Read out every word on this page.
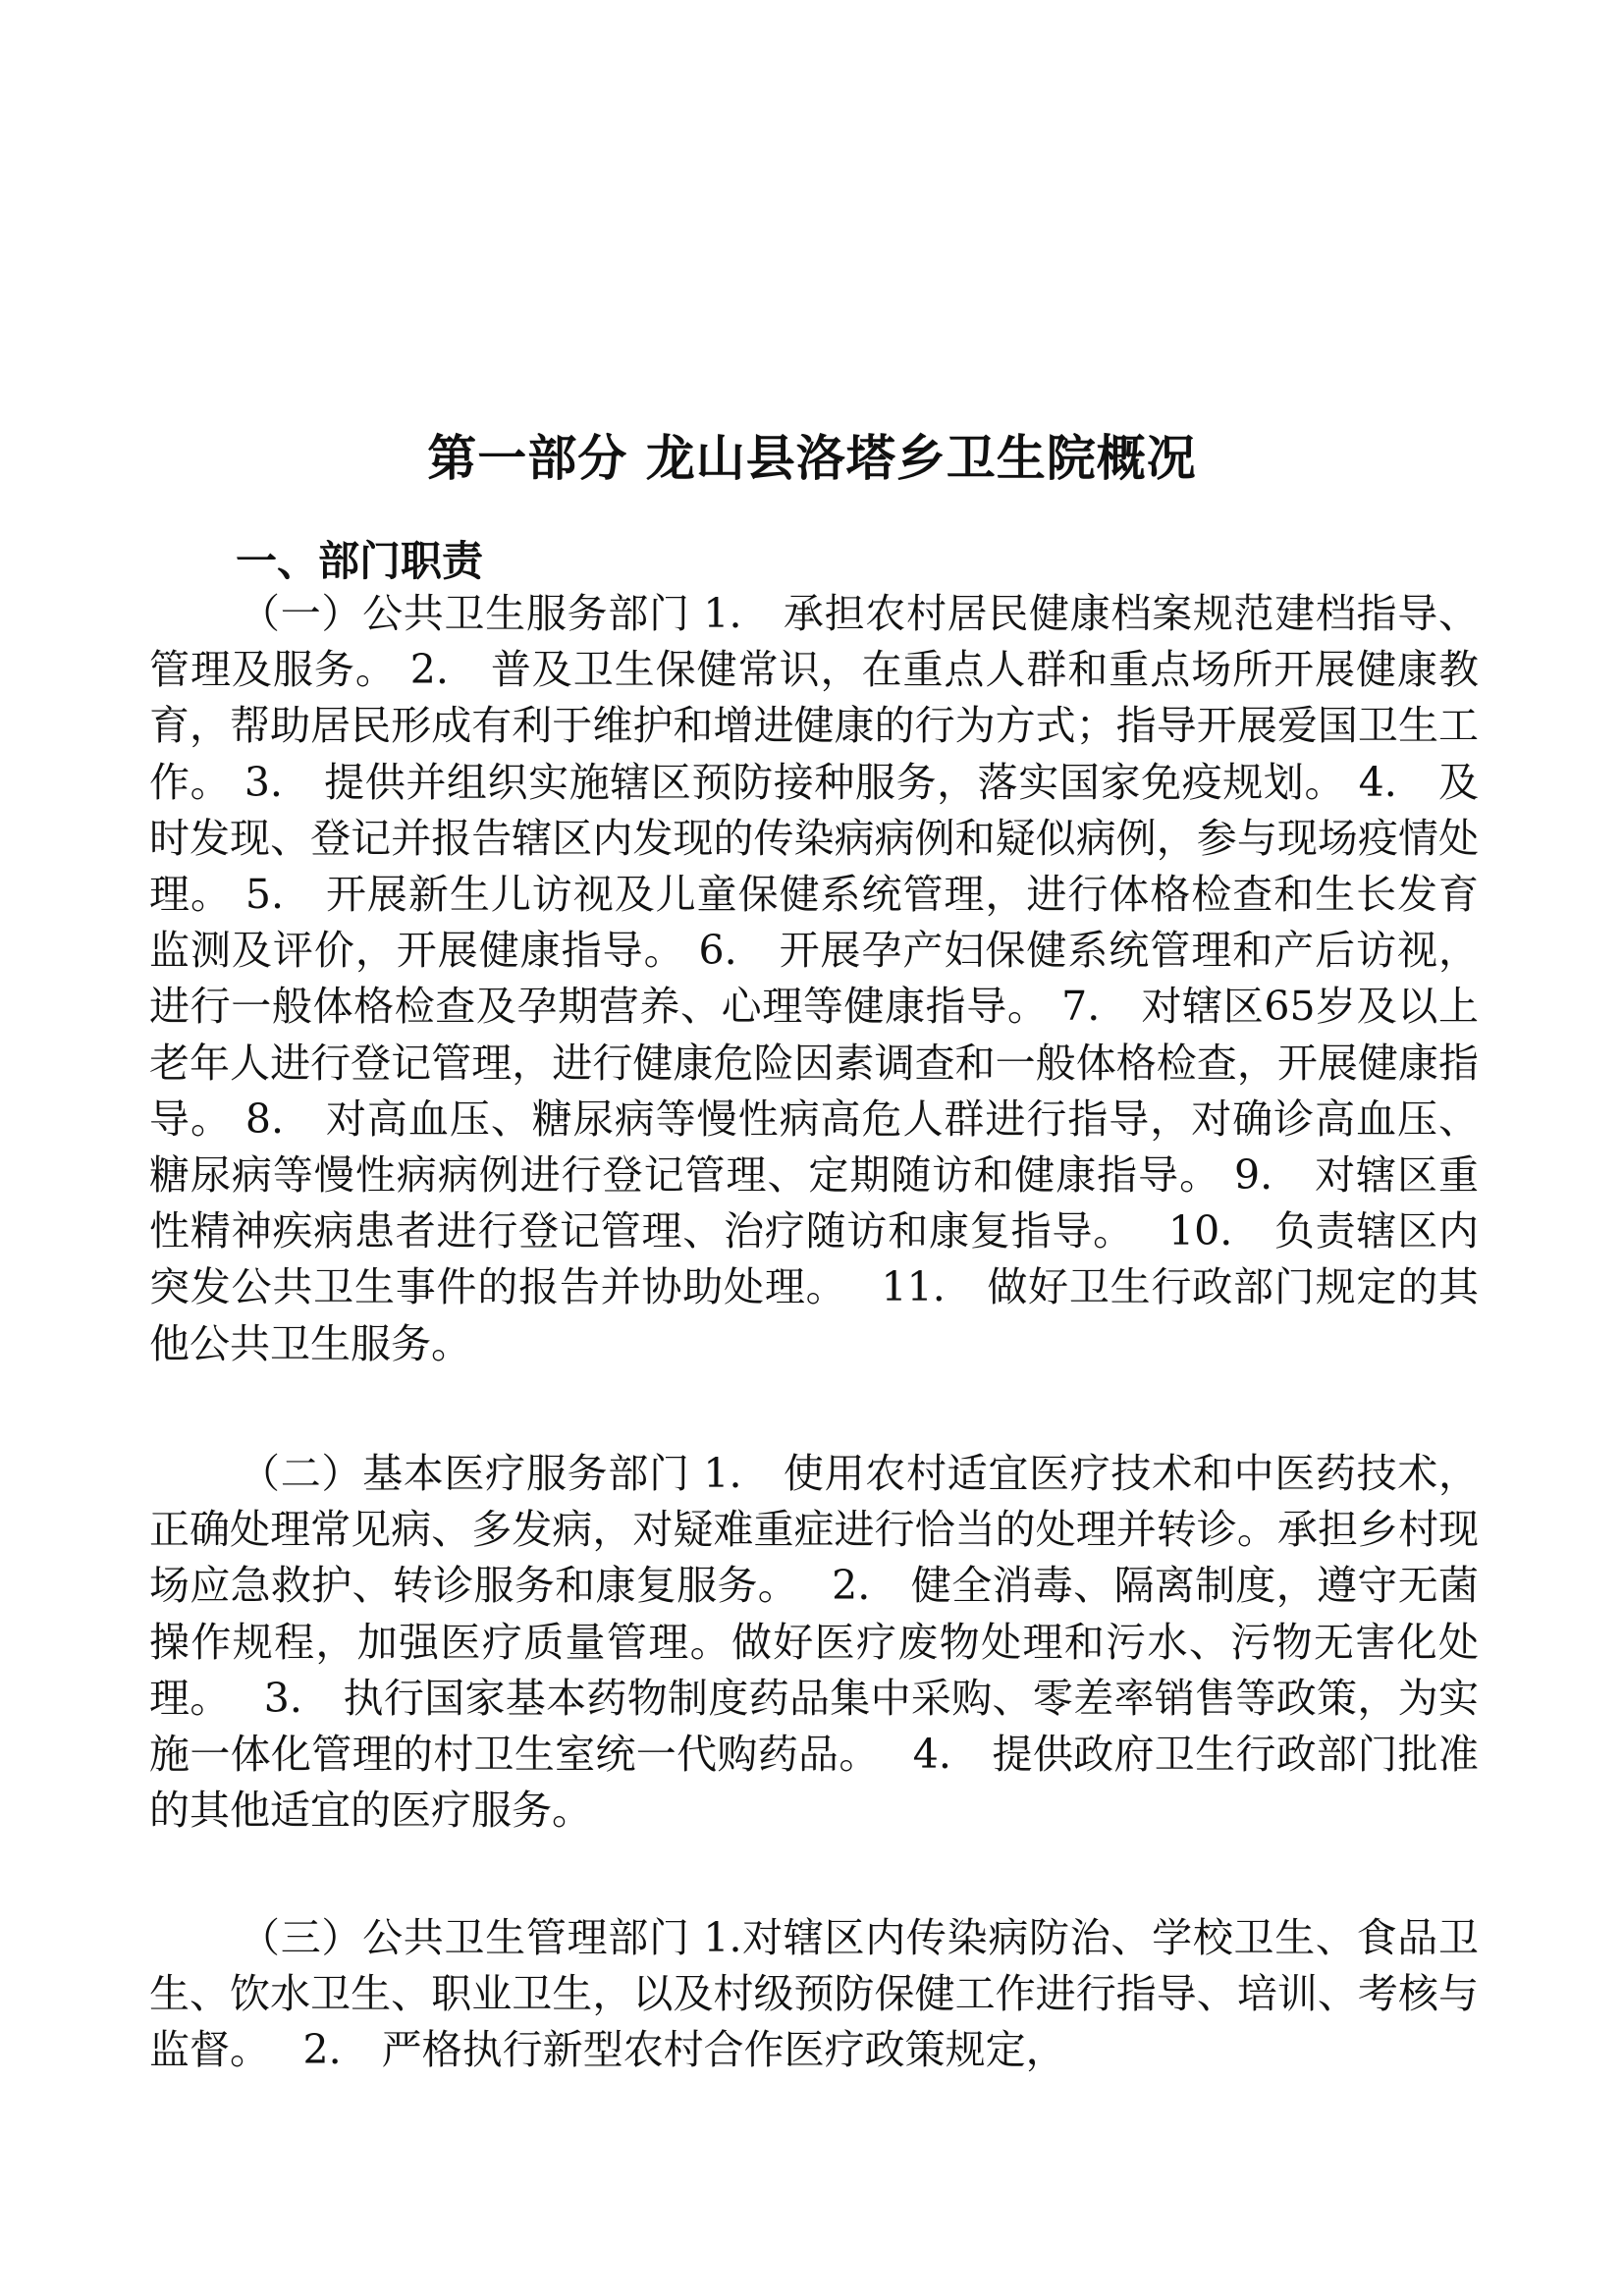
第一部分 龙山县洛塔乡卫生院概况
一、部门职责

（一）公共卫生服务部门 1.　承担农村居民健康档案规范建档指导、管理及服务。 2.　普及卫生保健常识，在重点人群和重点场所开展健康教育，帮助居民形成有利于维护和增进健康的行为方式；指导开展爱国卫生工作。 3.　提供并组织实施辖区预防接种服务，落实国家免疫规划。 4.　及时发现、登记并报告辖区内发现的传染病病例和疑似病例，参与现场疫情处理。 5.　开展新生儿访视及儿童保健系统管理，进行体格检查和生长发育监测及评价，开展健康指导。 6.　开展孕产妇保健系统管理和产后访视，进行一般体格检查及孕期营养、心理等健康指导。 7.　对辖区65岁及以上老年人进行登记管理，进行健康危险因素调查和一般体格检查，开展健康指导。 8.　对高血压、糖尿病等慢性病高危人群进行指导，对确诊高血压、糖尿病等慢性病病例进行登记管理、定期随访和健康指导。 9.　对辖区重性精神疾病患者进行登记管理、治疗随访和康复指导。　 10.　负责辖区内突发公共卫生事件的报告并协助处理。　 11.　做好卫生行政部门规定的其他公共卫生服务。

（二）基本医疗服务部门 1.　使用农村适宜医疗技术和中医药技术，正确处理常见病、多发病，对疑难重症进行恰当的处理并转诊。承担乡村现场应急救护、转诊服务和康复服务。　 2.　健全消毒、隔离制度，遵守无菌操作规程，加强医疗质量管理。做好医疗废物处理和污水、污物无害化处理。　 3.　执行国家基本药物制度药品集中采购、零差率销售等政策，为实施一体化管理的村卫生室统一代购药品。　 4.　提供政府卫生行政部门批准的其他适宜的医疗服务。

（三）公共卫生管理部门 1.对辖区内传染病防治、学校卫生、食品卫生、饮水卫生、职业卫生，以及村级预防保健工作进行指导、培训、考核与监督。　 2.　严格执行新型农村合作医疗政策规定，
